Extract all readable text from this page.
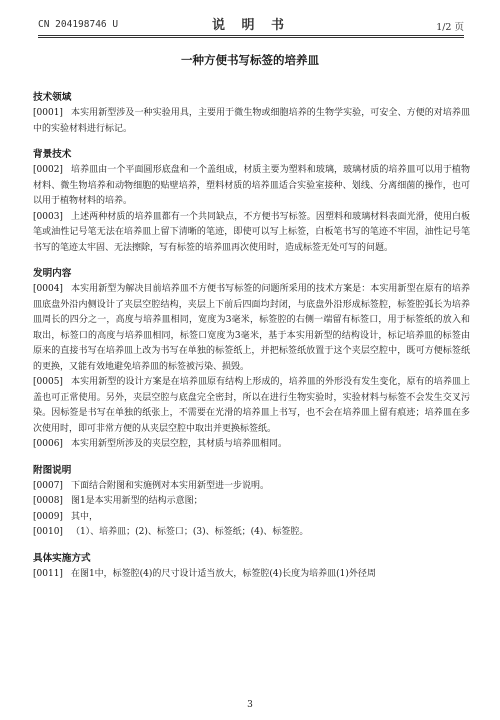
CN 204198746 U	说 明 书	1/2 页
一种方便书写标签的培养皿
技术领域
[0001] 本实用新型涉及一种实验用具，主要用于微生物或细胞培养的生物学实验，可安全、方便的对培养皿中的实验材料进行标记。
背景技术
[0002] 培养皿由一个平面圆形底盘和一个盖组成，材质主要为塑料和玻璃，玻璃材质的培养皿可以用于植物材料、微生物培养和动物细胞的贴壁培养，塑料材质的培养皿适合实验室接种、划线、分离细菌的操作，也可以用于植物材料的培养。
[0003] 上述两种材质的培养皿都有一个共同缺点，不方便书写标签。因塑料和玻璃材料表面光滑，使用白板笔或油性记号笔无法在培养皿上留下清晰的笔迹，即使可以写上标签，白板笔书写的笔迹不牢固，油性记号笔书写的笔迹太牢固、无法擦除，写有标签的培养皿再次使用时，造成标签无处可写的问题。
发明内容
[0004] 本实用新型为解决目前培养皿不方便书写标签的问题所采用的技术方案是：本实用新型在原有的培养皿底盘外沿内侧设计了夹层空腔结构，夹层上下前后四面均封闭，与底盘外沿形成标签腔，标签腔弧长为培养皿周长的四分之一，高度与培养皿相同，宽度为3毫米，标签腔的右侧一端留有标签口，用于标签纸的放入和取出，标签口的高度与培养皿相同，标签口宽度为3毫米，基于本实用新型的结构设计，标记培养皿的标签由原来的直接书写在培养皿上改为书写在单独的标签纸上，并把标签纸放置于这个夹层空腔中，既可方便标签纸的更换，又能有效地避免培养皿的标签被污染、损毁。
[0005] 本实用新型的设计方案是在培养皿原有结构上形成的，培养皿的外形没有发生变化，原有的培养皿上盖也可正常使用。另外，夹层空腔与底盘完全密封，所以在进行生物实验时，实验材料与标签不会发生交叉污染。因标签是书写在单独的纸张上，不需要在光滑的培养皿上书写，也不会在培养皿上留有痕迹；培养皿在多次使用时，即可非常方便的从夹层空腔中取出并更换标签纸。
[0006] 本实用新型所涉及的夹层空腔，其材质与培养皿相同。
附图说明
[0007] 下面结合附图和实施例对本实用新型进一步说明。
[0008] 图1是本实用新型的结构示意图；
[0009] 其中，
[0010] （1）、培养皿；(2)、标签口；(3)、标签纸；(4)、标签腔。
具体实施方式
[0011] 在图1中，标签腔(4)的尺寸设计适当放大，标签腔(4)长度为培养皿(1)外径周
3
